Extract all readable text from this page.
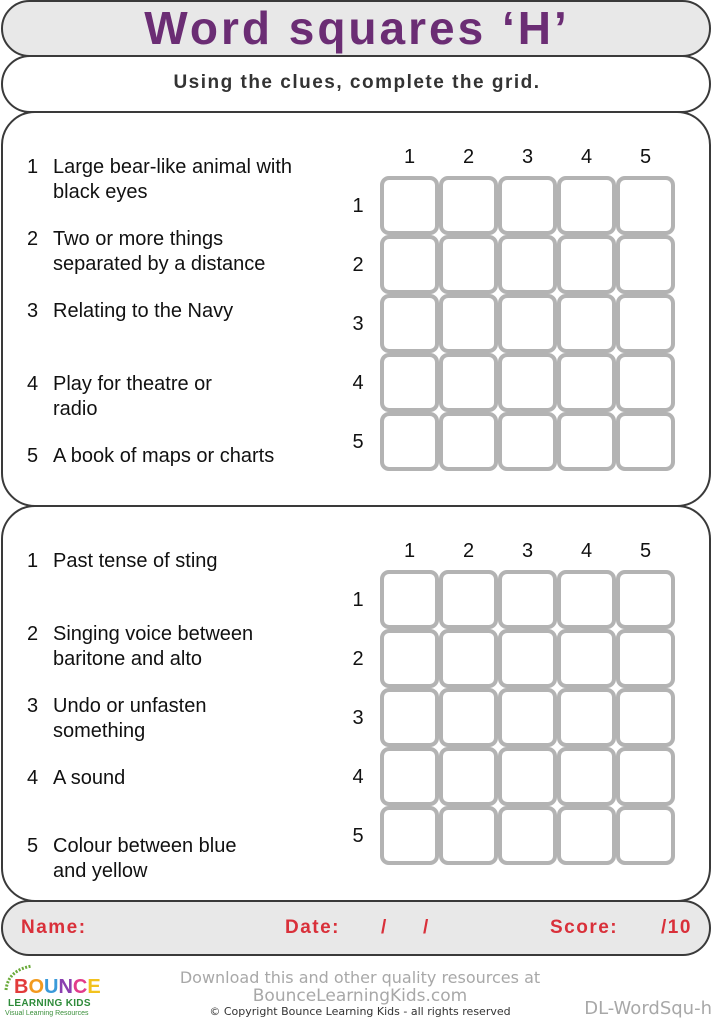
Word squares ‘H’
Using the clues, complete the grid.
1 Large bear-like animal with black eyes
2 Two or more things separated by a distance
3 Relating to the Navy
4 Play for theatre or radio
5 A book of maps or charts
1	2	3	4	5
1
2
3
4
5
1 Past tense of sting
2 Singing voice between baritone and alto
3 Undo or unfasten something
4 A sound
5 Colour between blue and yellow
1	2	3	4	5
1
2
3
4
5
Name:	Date: / /	Score: /10
BOUNCE
LEARNING KIDS
Visual Learning Resources
Download this and other quality resources at
BounceLearningKids.com
© Copyright Bounce Learning Kids - all rights reserved	DL-WordSqu-h
